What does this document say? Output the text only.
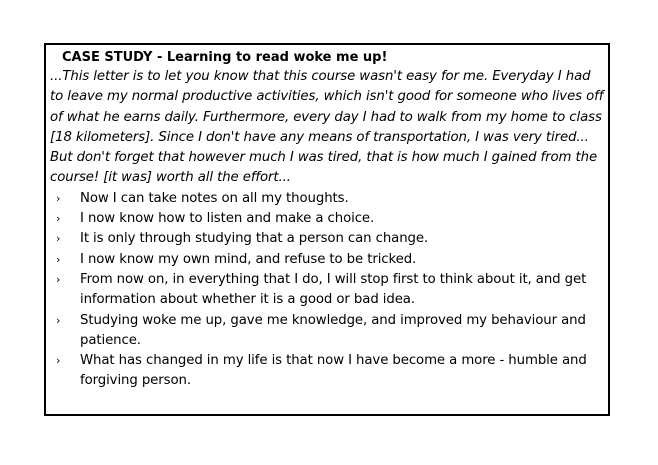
CASE STUDY - Learning to read woke me up!

...This letter is to let you know that this course wasn't easy for me. Everyday I had to leave my normal productive activities, which isn't good for someone who lives off of what he earns daily. Furthermore, every day I had to walk from my home to class [18 kilometers]. Since I don't have any means of transportation, I was very tired... But don't forget that however much I was tired, that is how much I gained from the course! [it was] worth all the effort...

› Now I can take notes on all my thoughts.
› I now know how to listen and make a choice.
› It is only through studying that a person can change.
› I now know my own mind, and refuse to be tricked.
› From now on, in everything that I do, I will stop first to think about it, and get information about whether it is a good or bad idea.
› Studying woke me up, gave me knowledge, and improved my behaviour and patience.
› What has changed in my life is that now I have become a more - humble and forgiving person.
